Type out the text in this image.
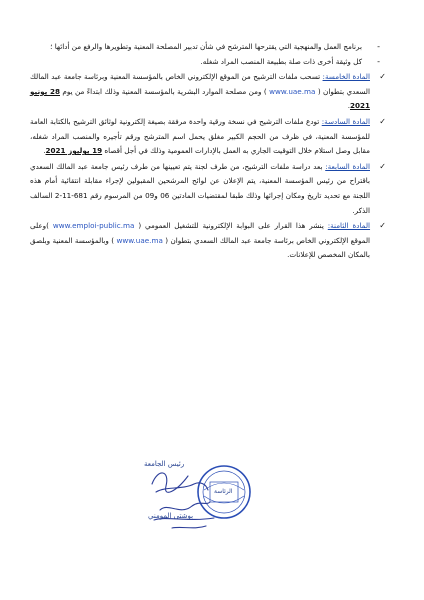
-
برنامج العمل والمنهجية التي يقترحها المترشح في شأن تدبير المصلحة المعنية وتطويرها والرفع من أدائها ؛
-
كل وثيقة أخرى ذات صلة بطبيعة المنصب المراد شغله.
✓
المادة الخامسة: تسحب ملفات الترشيح من الموقع الإلكتروني الخاص بالمؤسسة المعنية وبرئاسة جامعة عبد المالك السعدي بتطوان ( www.uae.ma ) ومن مصلحة الموارد البشرية بالمؤسسة المعنية وذلك ابتداءً من يوم 28 يونيو 2021.
✓
المادة السادسة: تودع ملفات الترشيح في نسخة ورقية واحدة مرفقة بصيغة إلكترونية لوثائق الترشيح بالكتابة العامة للمؤسسة المعنية، في ظرف من الحجم الكبير مغلق يحمل اسم المترشح ورقم تأجيره والمنصب المراد شغله، مقابل وصل استلام خلال التوقيت الجاري به العمل بالإدارات العمومية وذلك في أجل أقصاه 19 يوليوز 2021.
✓
المادة السابعة: بعد دراسة ملفات الترشيح، من طرف لجنة يتم تعيينها من طرف رئيس جامعة عبد المالك السعدي باقتراح من رئيس المؤسسة المعنية، يتم الإعلان عن لوائح المرشحين المقبولين لإجراء مقابلة انتقائية أمام هذه اللجنة مع تحديد تاريخ ومكان إجرائها وذلك طبقا لمقتضيات المادتين 06 و09 من المرسوم رقم 681-11-2 السالف الذكر.
✓
المادة الثامنة: ينشر هذا القرار على البوابة الإلكترونية للتشغيل العمومي ( www.emploi-public.ma )وعلى الموقع الإلكتروني الخاص برئاسة جامعة عبد المالك السعدي بتطوان ( www.uae.ma ) وبالمؤسسة المعنية وبلصق بالمكان المخصص للإعلانات.
رئيس الجامعة
بوشتى المومني
الرئاسة
